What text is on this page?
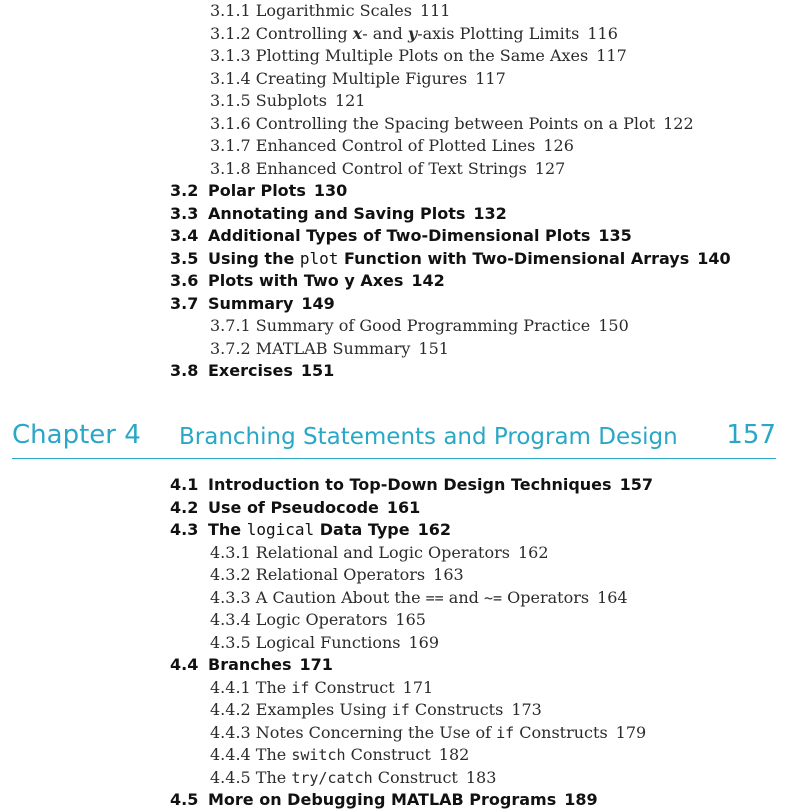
3.1.1 Logarithmic Scales 111
3.1.2 Controlling x- and y-axis Plotting Limits 116
3.1.3 Plotting Multiple Plots on the Same Axes 117
3.1.4 Creating Multiple Figures 117
3.1.5 Subplots 121
3.1.6 Controlling the Spacing between Points on a Plot 122
3.1.7 Enhanced Control of Plotted Lines 126
3.1.8 Enhanced Control of Text Strings 127
3.2 Polar Plots 130
3.3 Annotating and Saving Plots 132
3.4 Additional Types of Two-Dimensional Plots 135
3.5 Using the plot Function with Two-Dimensional Arrays 140
3.6 Plots with Two y Axes 142
3.7 Summary 149
3.7.1 Summary of Good Programming Practice 150
3.7.2 MATLAB Summary 151
3.8 Exercises 151
Chapter 4 Branching Statements and Program Design 157
4.1 Introduction to Top-Down Design Techniques 157
4.2 Use of Pseudocode 161
4.3 The logical Data Type 162
4.3.1 Relational and Logic Operators 162
4.3.2 Relational Operators 163
4.3.3 A Caution About the == and ~= Operators 164
4.3.4 Logic Operators 165
4.3.5 Logical Functions 169
4.4 Branches 171
4.4.1 The if Construct 171
4.4.2 Examples Using if Constructs 173
4.4.3 Notes Concerning the Use of if Constructs 179
4.4.4 The switch Construct 182
4.4.5 The try/catch Construct 183
4.5 More on Debugging MATLAB Programs 189
